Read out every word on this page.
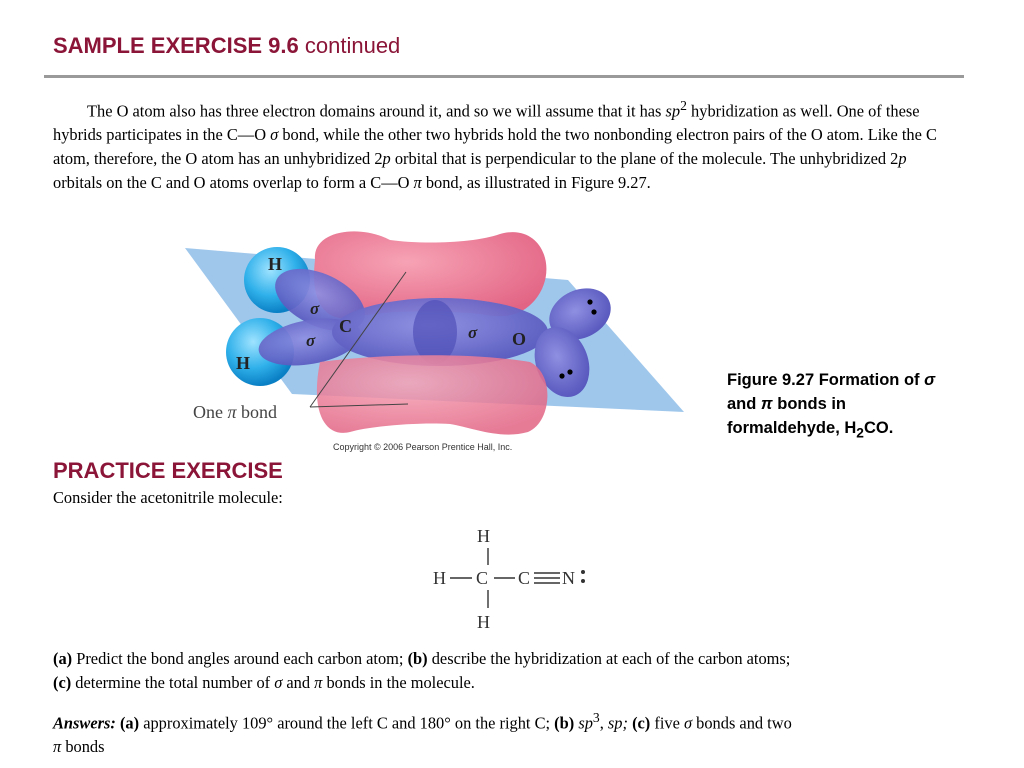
SAMPLE EXERCISE 9.6 continued
The O atom also has three electron domains around it, and so we will assume that it has $sp^2$ hybridization as well. One of these hybrids participates in the C—O σ bond, while the other two hybrids hold the two nonbonding electron pairs of the O atom. Like the C atom, therefore, the O atom has an unhybridized 2p orbital that is perpendicular to the plane of the molecule. The unhybridized 2p orbitals on the C and O atoms overlap to form a C—O π bond, as illustrated in Figure 9.27.
H
H
C
O
σ
σ	σ
One π bond
Copyright © 2006 Pearson Prentice Hall, Inc.
Figure 9.27 Formation of σ and π bonds in formaldehyde, $H_2CO$.
PRACTICE EXERCISE
Consider the acetonitrile molecule:
H
H C C N
H
(a) Predict the bond angles around each carbon atom; (b) describe the hybridization at each of the carbon atoms;
(c) determine the total number of σ and π bonds in the molecule.
Answers: (a) approximately 109° around the left C and 180° on the right C; (b) $sp^3$, sp; (c) five σ bonds and two
π bonds
